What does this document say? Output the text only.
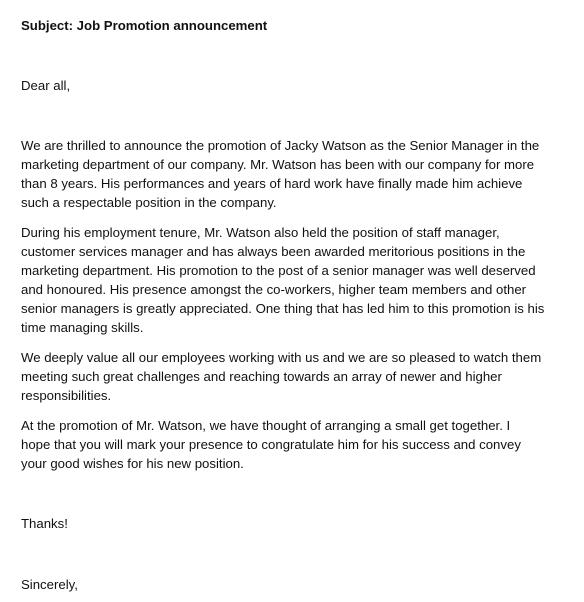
Subject: Job Promotion announcement
Dear all,
We are thrilled to announce the promotion of Jacky Watson as the Senior Manager in the
marketing department of our company. Mr. Watson has been with our company for more
than 8 years. His performances and years of hard work have finally made him achieve
such a respectable position in the company.
During his employment tenure, Mr. Watson also held the position of staff manager,
customer services manager and has always been awarded meritorious positions in the
marketing department. His promotion to the post of a senior manager was well deserved
and honoured. His presence amongst the co-workers, higher team members and other
senior managers is greatly appreciated. One thing that has led him to this promotion is his
time managing skills.
We deeply value all our employees working with us and we are so pleased to watch them
meeting such great challenges and reaching towards an array of newer and higher
responsibilities.
At the promotion of Mr. Watson, we have thought of arranging a small get together. I
hope that you will mark your presence to congratulate him for his success and convey
your good wishes for his new position.
Thanks!
Sincerely,
